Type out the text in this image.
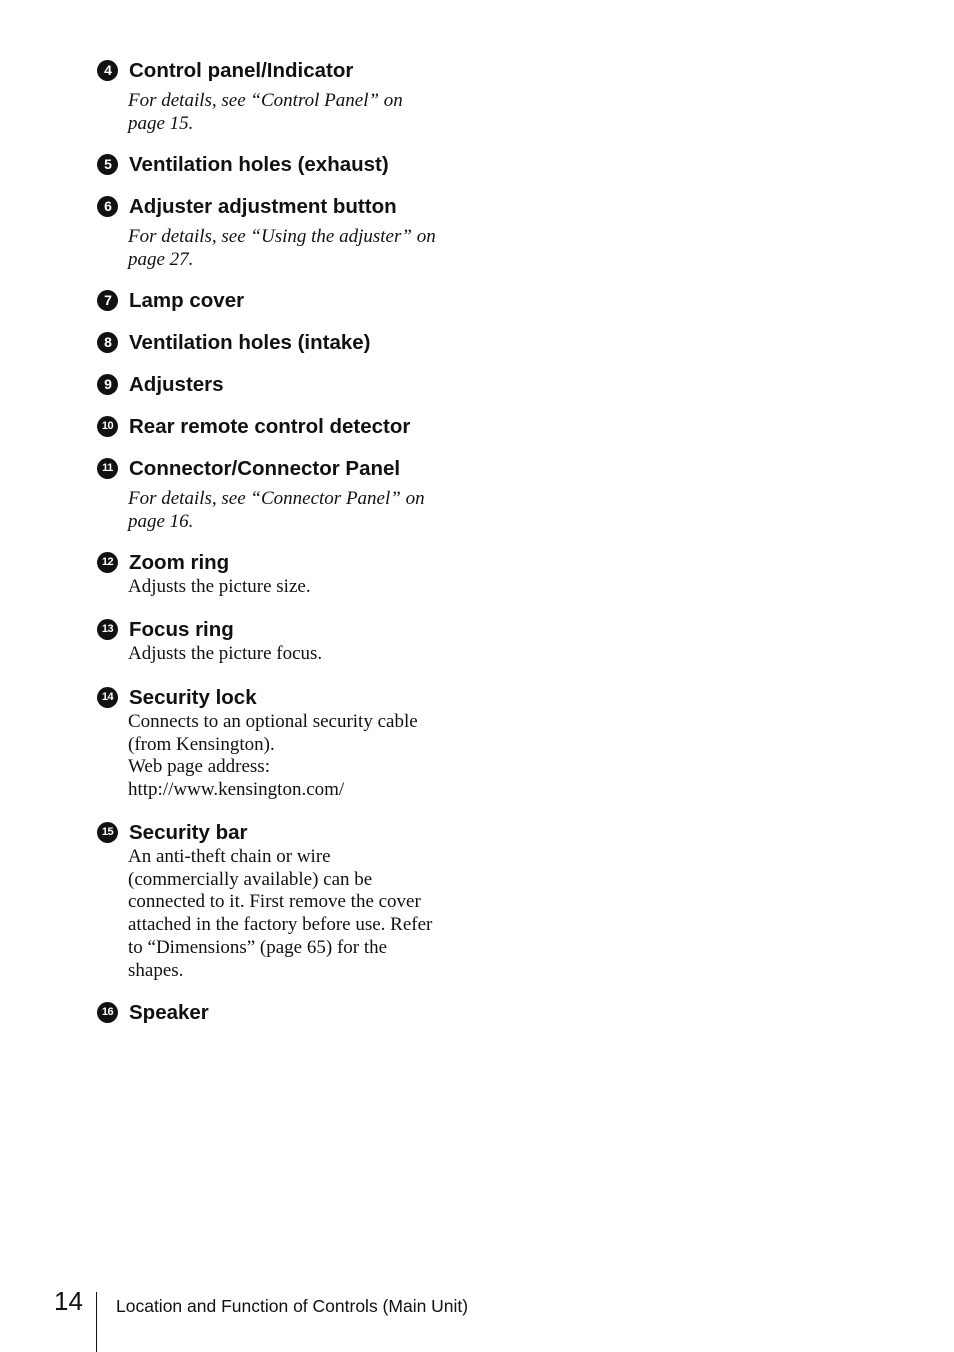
4 Control panel/Indicator
For details, see “Control Panel” on
page 15.
5 Ventilation holes (exhaust)
6 Adjuster adjustment button
For details, see “Using the adjuster” on
page 27.
7 Lamp cover
8 Ventilation holes (intake)
9 Adjusters
10 Rear remote control detector
11 Connector/Connector Panel
For details, see “Connector Panel” on
page 16.
12 Zoom ring
Adjusts the picture size.
13 Focus ring
Adjusts the picture focus.
14 Security lock
Connects to an optional security cable
(from Kensington).
Web page address:
http://www.kensington.com/
15 Security bar
An anti-theft chain or wire
(commercially available) can be
connected to it. First remove the cover
attached in the factory before use. Refer
to “Dimensions” (page 65) for the
shapes.
16 Speaker
14 Location and Function of Controls (Main Unit)
